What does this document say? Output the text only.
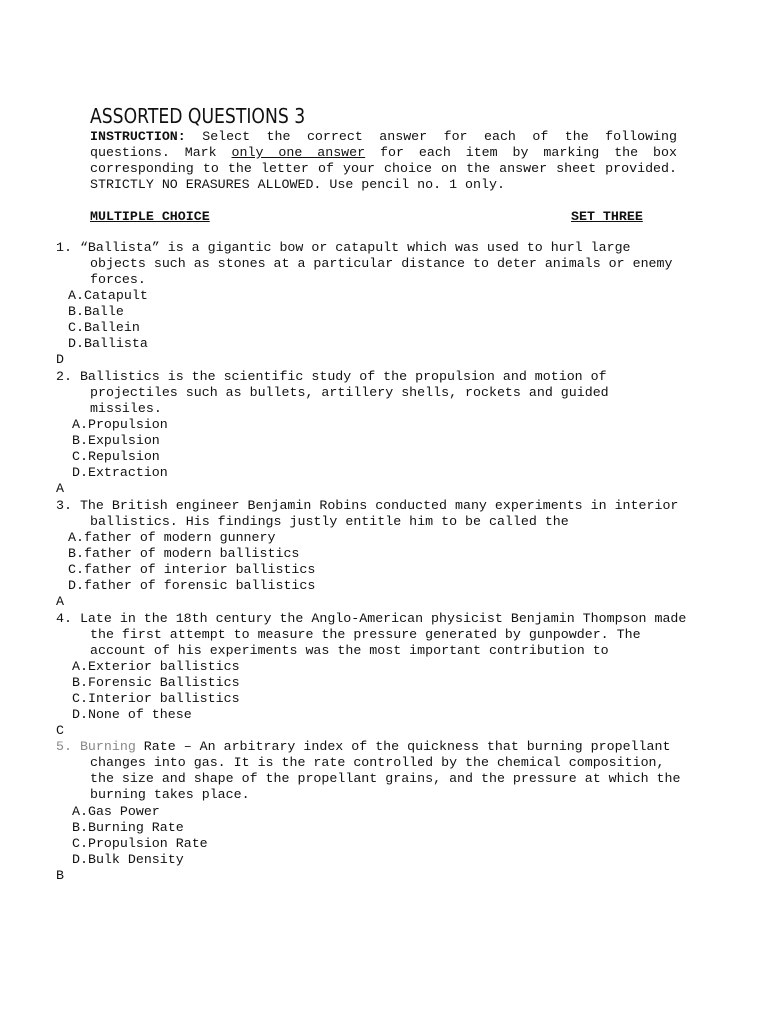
ASSORTED QUESTIONS 3
INSTRUCTION: Select the correct answer for each of the following questions. Mark only one answer for each item by marking the box corresponding to the letter of your choice on the answer sheet provided. STRICTLY NO ERASURES ALLOWED. Use pencil no. 1 only.
MULTIPLE CHOICE	SET THREE
1. “Ballista” is a gigantic bow or catapult which was used to hurl large objects such as stones at a particular distance to deter animals or enemy forces.
A.Catapult
B.Balle
C.Ballein
D.Ballista
D
2. Ballistics is the scientific study of the propulsion and motion of projectiles such as bullets, artillery shells, rockets and guided missiles.
A.Propulsion
B.Expulsion
C.Repulsion
D.Extraction
A
3. The British engineer Benjamin Robins conducted many experiments in interior ballistics. His findings justly entitle him to be called the
A.father of modern gunnery
B.father of modern ballistics
C.father of interior ballistics
D.father of forensic ballistics
A
4. Late in the 18th century the Anglo-American physicist Benjamin Thompson made the first attempt to measure the pressure generated by gunpowder. The account of his experiments was the most important contribution to
A.Exterior ballistics
B.Forensic Ballistics
C.Interior ballistics
D.None of these
C
5. Burning Rate – An arbitrary index of the quickness that burning propellant changes into gas. It is the rate controlled by the chemical composition, the size and shape of the propellant grains, and the pressure at which the burning takes place.
A.Gas Power
B.Burning Rate
C.Propulsion Rate
D.Bulk Density
B
